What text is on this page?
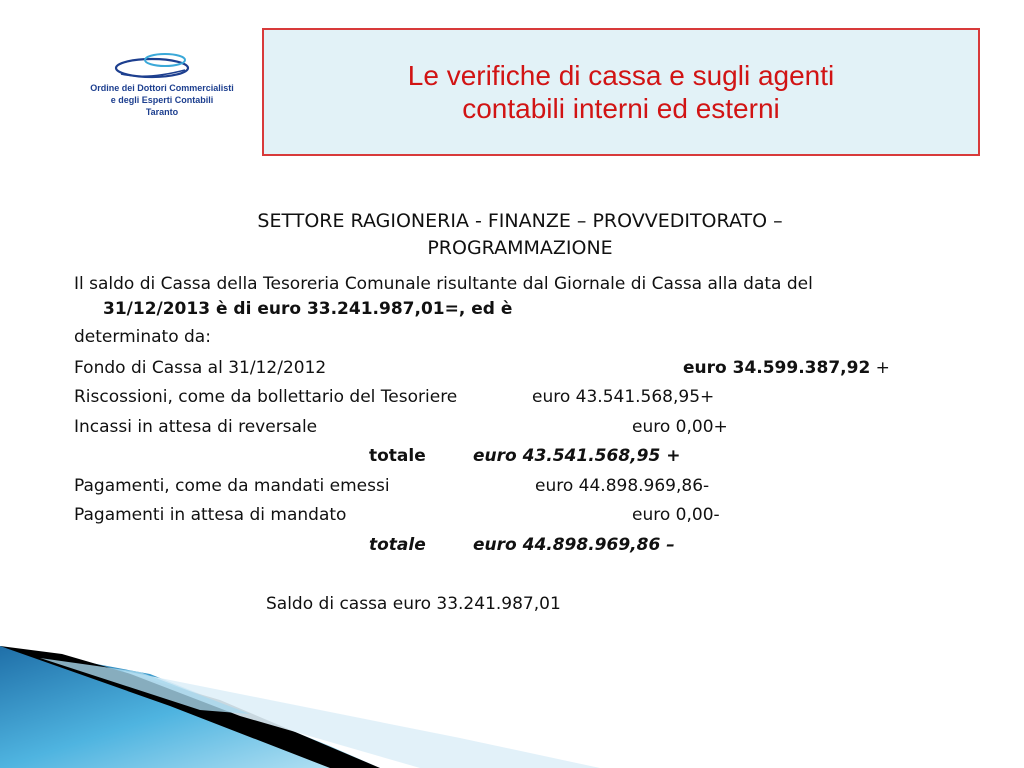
Ordine dei Dottori Commercialisti
e degli Esperti Contabili
Taranto
Le verifiche di cassa e sugli agenti
contabili interni ed esterni
SETTORE RAGIONERIA - FINANZE – PROVVEDITORATO –
PROGRAMMAZIONE
Il saldo di Cassa della Tesoreria Comunale risultante dal Giornale di Cassa alla data del
31/12/2013 è di euro 33.241.987,01=, ed è
determinato da:
Fondo di Cassa al 31/12/2012	euro 34.599.387,92 +
Riscossioni, come da bollettario del Tesoriere	euro 43.541.568,95+
Incassi in attesa di reversale	euro 0,00+
totale	euro 43.541.568,95 +
Pagamenti, come da mandati emessi	euro 44.898.969,86-
Pagamenti in attesa di mandato	euro 0,00-
totale	euro 44.898.969,86 –
Saldo di cassa euro 33.241.987,01
